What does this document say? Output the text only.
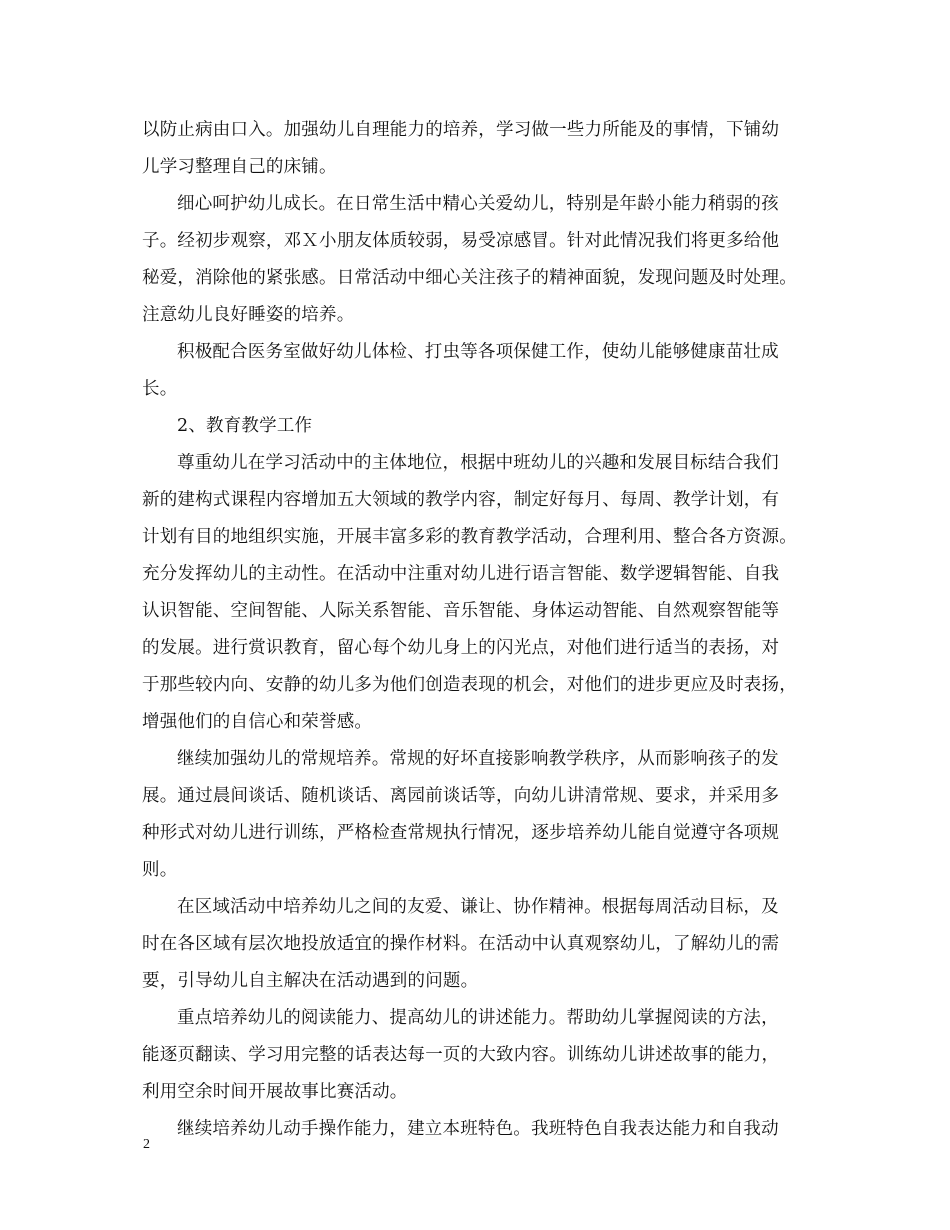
以防止病由口入。加强幼儿自理能力的培养，学习做一些力所能及的事情，下铺幼
儿学习整理自己的床铺。
细心呵护幼儿成长。在日常生活中精心关爱幼儿，特别是年龄小能力稍弱的孩
子。经初步观察，邓Ｘ小朋友体质较弱，易受凉感冒。针对此情况我们将更多给他
秘爱，消除他的紧张感。日常活动中细心关注孩子的精神面貌，发现问题及时处理。
注意幼儿良好睡姿的培养。
积极配合医务室做好幼儿体检、打虫等各项保健工作，使幼儿能够健康苗壮成
长。
2、教育教学工作
尊重幼儿在学习活动中的主体地位，根据中班幼儿的兴趣和发展目标结合我们
新的建构式课程内容增加五大领域的教学内容，制定好每月、每周、教学计划，有
计划有目的地组织实施，开展丰富多彩的教育教学活动，合理利用、整合各方资源。
充分发挥幼儿的主动性。在活动中注重对幼儿进行语言智能、数学逻辑智能、自我
认识智能、空间智能、人际关系智能、音乐智能、身体运动智能、自然观察智能等
的发展。进行赏识教育，留心每个幼儿身上的闪光点，对他们进行适当的表扬，对
于那些较内向、安静的幼儿多为他们创造表现的机会，对他们的进步更应及时表扬，
增强他们的自信心和荣誉感。
继续加强幼儿的常规培养。常规的好坏直接影响教学秩序，从而影响孩子的发
展。通过晨间谈话、随机谈话、离园前谈话等，向幼儿讲清常规、要求，并采用多
种形式对幼儿进行训练，严格检查常规执行情况，逐步培养幼儿能自觉遵守各项规
则。
在区域活动中培养幼儿之间的友爱、谦让、协作精神。根据每周活动目标，及
时在各区域有层次地投放适宜的操作材料。在活动中认真观察幼儿，了解幼儿的需
要，引导幼儿自主解决在活动遇到的问题。
重点培养幼儿的阅读能力、提高幼儿的讲述能力。帮助幼儿掌握阅读的方法，
能逐页翻读、学习用完整的话表达每一页的大致内容。训练幼儿讲述故事的能力，
利用空余时间开展故事比赛活动。
继续培养幼儿动手操作能力，建立本班特色。我班特色自我表达能力和自我动
2
